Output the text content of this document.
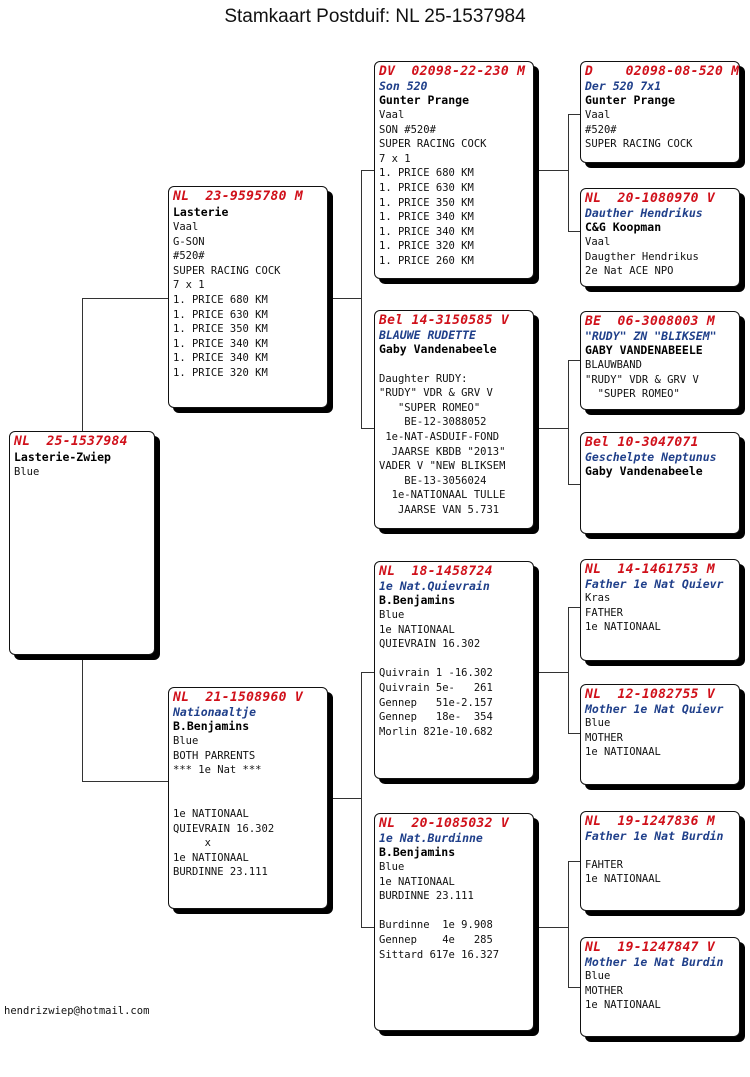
Stamkaart Postduif: NL 25-1537984
NL  25-1537984
Lasterie-Zwiep
Blue
NL  23-9595780 M
Lasterie
Vaal
G-SON
#520#
SUPER RACING COCK
7 x 1
1. PRICE 680 KM
1. PRICE 630 KM
1. PRICE 350 KM
1. PRICE 340 KM
1. PRICE 340 KM
1. PRICE 320 KM
NL  21-1508960 V
Nationaaltje
B.Benjamins
Blue
BOTH PARRENTS
*** 1e Nat ***
1e NATIONAAL
QUIEVRAIN 16.302
x
1e NATIONAAL
BURDINNE 23.111
DV  02098-22-230 M
Son 520
Gunter Prange
Vaal
SON #520#
SUPER RACING COCK
7 x 1
1. PRICE 680 KM
1. PRICE 630 KM
1. PRICE 350 KM
1. PRICE 340 KM
1. PRICE 340 KM
1. PRICE 320 KM
1. PRICE 260 KM
Bel 14-3150585 V
BLAUWE RUDETTE
Gaby Vandenabeele
Daughter RUDY:
"RUDY" VDR & GRV V
"SUPER ROMEO"
BE-12-3088052
1e-NAT-ASDUIF-FOND
JAARSE KBDB "2013"
VADER V "NEW BLIKSEM
BE-13-3056024
1e-NATIONAAL TULLE
JAARSE VAN 5.731
NL  18-1458724
1e Nat.Quievrain
B.Benjamins
Blue
1e NATIONAAL
QUIEVRAIN 16.302
Quivrain 1 -16.302
Quivrain 5e-   261
Gennep   51e-2.157
Gennep   18e-  354
Morlin 821e-10.682
NL  20-1085032 V
1e Nat.Burdinne
B.Benjamins
Blue
1e NATIONAAL
BURDINNE 23.111
Burdinne  1e 9.908
Gennep    4e   285
Sittard 617e 16.327
D    02098-08-520 M
Der 520 7x1
Gunter Prange
Vaal
#520#
SUPER RACING COCK
NL  20-1080970 V
Dauther Hendrikus
C&G Koopman
Vaal
Daugther Hendrikus
2e Nat ACE NPO
BE  06-3008003 M
"RUDY" ZN "BLIKSEM"
GABY VANDENABEELE
BLAUWBAND
"RUDY" VDR & GRV V
"SUPER ROMEO"
Bel 10-3047071
Geschelpte Neptunus
Gaby Vandenabeele
NL  14-1461753 M
Father 1e Nat Quievr
Kras
FATHER
1e NATIONAAL
NL  12-1082755 V
Mother 1e Nat Quievr
Blue
MOTHER
1e NATIONAAL
NL  19-1247836 M
Father 1e Nat Burdin
FAHTER
1e NATIONAAL
NL  19-1247847 V
Mother 1e Nat Burdin
Blue
MOTHER
1e NATIONAAL
hendrizwiep@hotmail.com
